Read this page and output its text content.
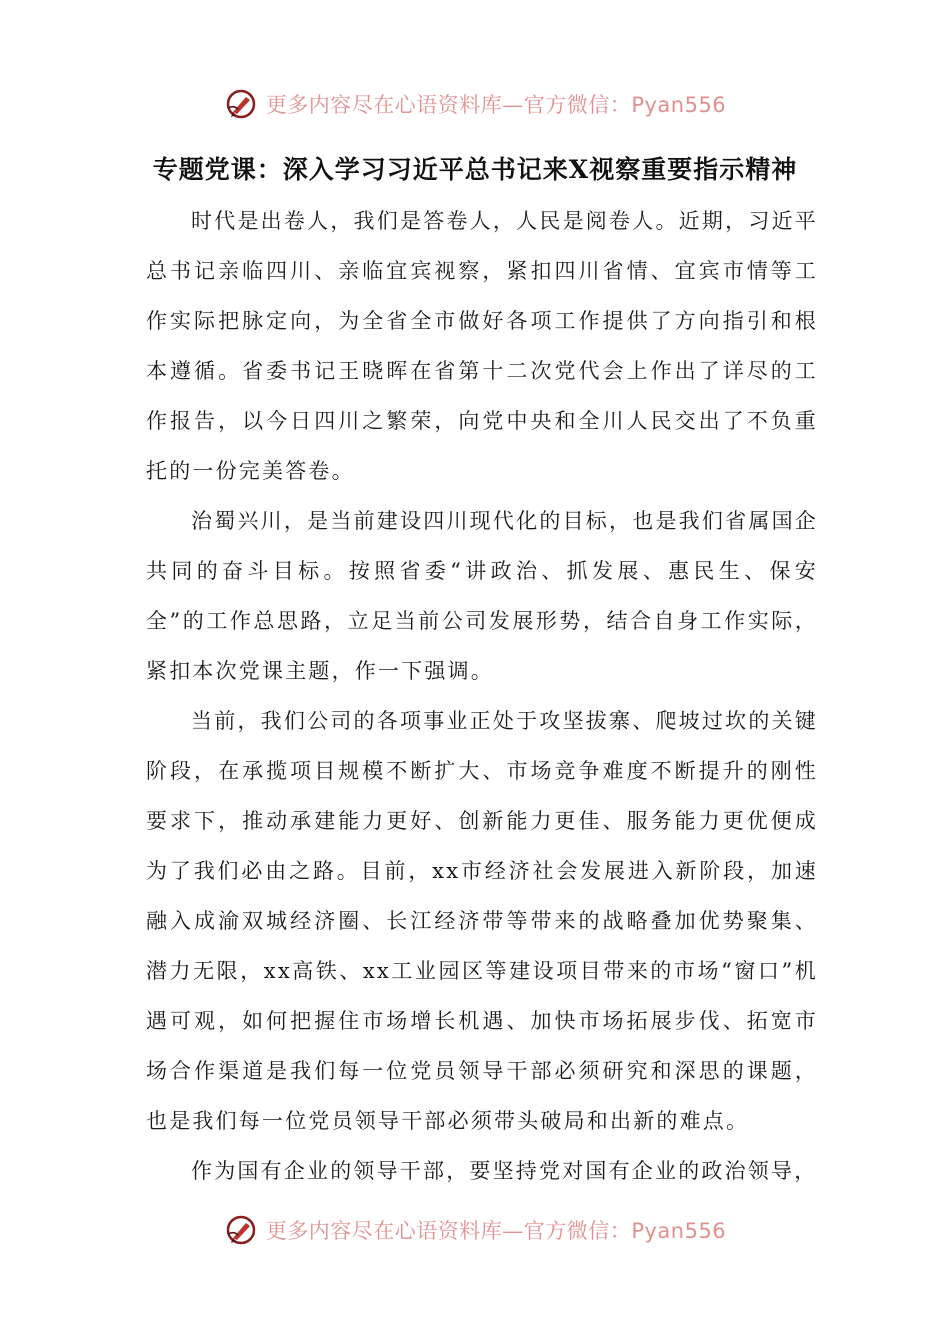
更多内容尽在心语资料库—官方微信：Pyan556
专题党课：深入学习习近平总书记来X视察重要指示精神

时代是出卷人，我们是答卷人，人民是阅卷人。近期，习近平总书记亲临四川、亲临宜宾视察，紧扣四川省情、宜宾市情等工作实际把脉定向，为全省全市做好各项工作提供了方向指引和根本遵循。省委书记王晓晖在省第十二次党代会上作出了详尽的工作报告，以今日四川之繁荣，向党中央和全川人民交出了不负重托的一份完美答卷。

治蜀兴川，是当前建设四川现代化的目标，也是我们省属国企共同的奋斗目标。按照省委“讲政治、抓发展、惠民生、保安全”的工作总思路，立足当前公司发展形势，结合自身工作实际，紧扣本次党课主题，作一下强调。

当前，我们公司的各项事业正处于攻坚拔寨、爬坡过坎的关键阶段，在承揽项目规模不断扩大、市场竞争难度不断提升的刚性要求下，推动承建能力更好、创新能力更佳、服务能力更优便成为了我们必由之路。目前，xx市经济社会发展进入新阶段，加速融入成渝双城经济圈、长江经济带等带来的战略叠加优势聚集、潜力无限，xx高铁、xx工业园区等建设项目带来的市场“窗口”机遇可观，如何把握住市场增长机遇、加快市场拓展步伐、拓宽市场合作渠道是我们每一位党员领导干部必须研究和深思的课题，也是我们每一位党员领导干部必须带头破局和出新的难点。

作为国有企业的领导干部，要坚持党对国有企业的政治领导，

更多内容尽在心语资料库—官方微信：Pyan556
